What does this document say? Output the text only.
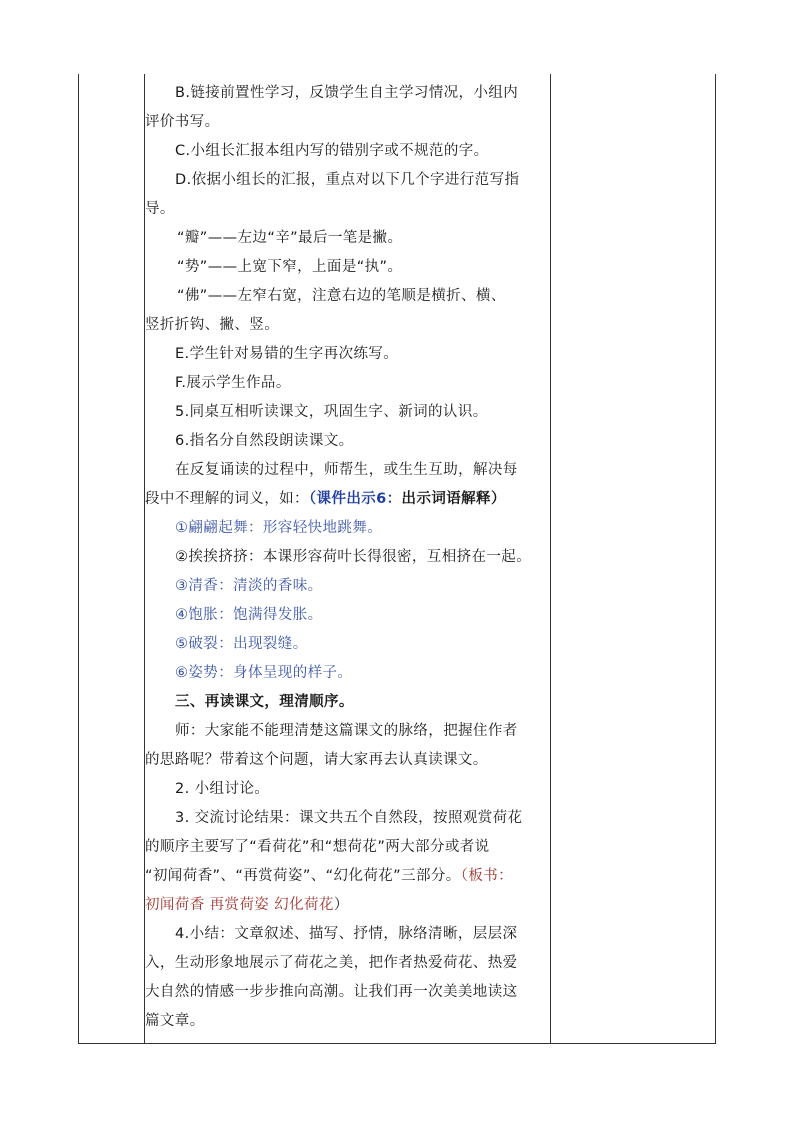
B.链接前置性学习，反馈学生自主学习情况，小组内
评价书写。
C.小组长汇报本组内写的错别字或不规范的字。
D.依据小组长的汇报，重点对以下几个字进行范写指
导。
“瓣”——左边“辛”最后一笔是撇。
“势”——上宽下窄，上面是“执”。
“佛”——左窄右宽，注意右边的笔顺是横折、横、
竖折折钩、撇、竖。
E.学生针对易错的生字再次练写。
F.展示学生作品。
5.同桌互相听读课文，巩固生字、新词的认识。
6.指名分自然段朗读课文。
在反复诵读的过程中，师帮生，或生生互助，解决每
段中不理解的词义，如：（课件出示6：出示词语解释）
①翩翩起舞：形容轻快地跳舞。
②挨挨挤挤：本课形容荷叶长得很密，互相挤在一起。
③清香：清淡的香味。
④饱胀：饱满得发胀。
⑤破裂：出现裂缝。
⑥姿势：身体呈现的样子。
三、再读课文，理清顺序。
师：大家能不能理清楚这篇课文的脉络，把握住作者
的思路呢？带着这个问题，请大家再去认真读课文。
2. 小组讨论。
3. 交流讨论结果：课文共五个自然段，按照观赏荷花
的顺序主要写了“看荷花”和“想荷花”两大部分或者说
“初闻荷香”、“再赏荷姿”、“幻化荷花”三部分。（板书：
初闻荷香 再赏荷姿 幻化荷花）
4.小结：文章叙述、描写、抒情，脉络清晰，层层深
入，生动形象地展示了荷花之美，把作者热爱荷花、热爱
大自然的情感一步步推向高潮。让我们再一次美美地读这
篇文章。
